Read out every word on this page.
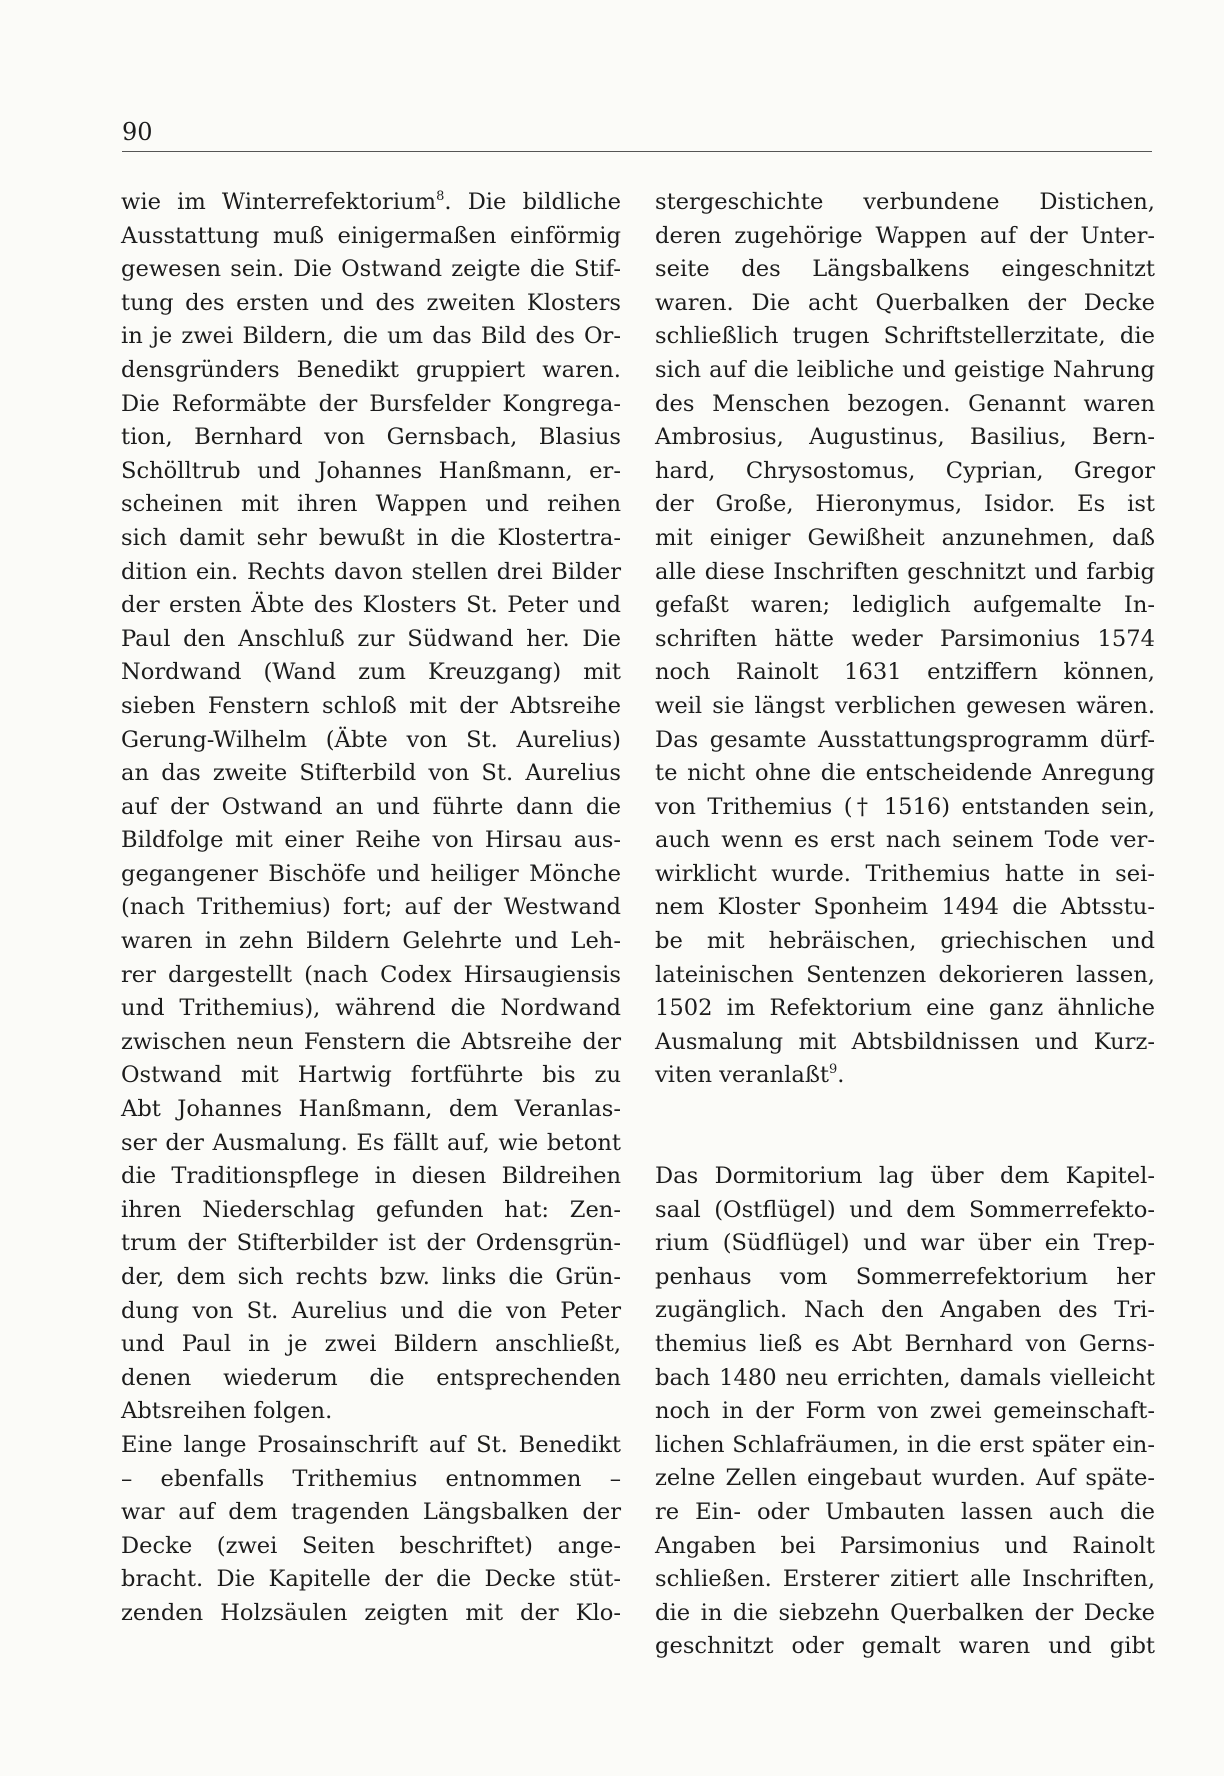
90
wie im Winterrefektorium$^8$. Die bildliche
Ausstattung muß einigermaßen einförmig
gewesen sein. Die Ostwand zeigte die Stif-
tung des ersten und des zweiten Klosters
in je zwei Bildern, die um das Bild des Or-
densgründers Benedikt gruppiert waren.
Die Reformäbte der Bursfelder Kongrega-
tion, Bernhard von Gernsbach, Blasius
Schölltrub und Johannes Hanßmann, er-
scheinen mit ihren Wappen und reihen
sich damit sehr bewußt in die Klostertra-
dition ein. Rechts davon stellen drei Bilder
der ersten Äbte des Klosters St. Peter und
Paul den Anschluß zur Südwand her. Die
Nordwand (Wand zum Kreuzgang) mit
sieben Fenstern schloß mit der Abtsreihe
Gerung-Wilhelm (Äbte von St. Aurelius)
an das zweite Stifterbild von St. Aurelius
auf der Ostwand an und führte dann die
Bildfolge mit einer Reihe von Hirsau aus-
gegangener Bischöfe und heiliger Mönche
(nach Trithemius) fort; auf der Westwand
waren in zehn Bildern Gelehrte und Leh-
rer dargestellt (nach Codex Hirsaugiensis
und Trithemius), während die Nordwand
zwischen neun Fenstern die Abtsreihe der
Ostwand mit Hartwig fortführte bis zu
Abt Johannes Hanßmann, dem Veranlas-
ser der Ausmalung. Es fällt auf, wie betont
die Traditionspflege in diesen Bildreihen
ihren Niederschlag gefunden hat: Zen-
trum der Stifterbilder ist der Ordensgrün-
der, dem sich rechts bzw. links die Grün-
dung von St. Aurelius und die von Peter
und Paul in je zwei Bildern anschließt,
denen wiederum die entsprechenden
Abtsreihen folgen.
Eine lange Prosainschrift auf St. Benedikt
– ebenfalls Trithemius entnommen –
war auf dem tragenden Längsbalken der
Decke (zwei Seiten beschriftet) ange-
bracht. Die Kapitelle der die Decke stüt-
zenden Holzsäulen zeigten mit der Klo-
stergeschichte verbundene Distichen,
deren zugehörige Wappen auf der Unter-
seite des Längsbalkens eingeschnitzt
waren. Die acht Querbalken der Decke
schließlich trugen Schriftstellerzitate, die
sich auf die leibliche und geistige Nahrung
des Menschen bezogen. Genannt waren
Ambrosius, Augustinus, Basilius, Bern-
hard, Chrysostomus, Cyprian, Gregor
der Große, Hieronymus, Isidor. Es ist
mit einiger Gewißheit anzunehmen, daß
alle diese Inschriften geschnitzt und farbig
gefaßt waren; lediglich aufgemalte In-
schriften hätte weder Parsimonius 1574
noch Rainolt 1631 entziffern können,
weil sie längst verblichen gewesen wären.
Das gesamte Ausstattungsprogramm dürf-
te nicht ohne die entscheidende Anregung
von Trithemius († 1516) entstanden sein,
auch wenn es erst nach seinem Tode ver-
wirklicht wurde. Trithemius hatte in sei-
nem Kloster Sponheim 1494 die Abtsstu-
be mit hebräischen, griechischen und
lateinischen Sentenzen dekorieren lassen,
1502 im Refektorium eine ganz ähnliche
Ausmalung mit Abtsbildnissen und Kurz-
viten veranlaßt$^9$.
Das Dormitorium lag über dem Kapitel-
saal (Ostflügel) und dem Sommerrefekto-
rium (Südflügel) und war über ein Trep-
penhaus vom Sommerrefektorium her
zugänglich. Nach den Angaben des Tri-
themius ließ es Abt Bernhard von Gerns-
bach 1480 neu errichten, damals vielleicht
noch in der Form von zwei gemeinschaft-
lichen Schlafräumen, in die erst später ein-
zelne Zellen eingebaut wurden. Auf späte-
re Ein- oder Umbauten lassen auch die
Angaben bei Parsimonius und Rainolt
schließen. Ersterer zitiert alle Inschriften,
die in die siebzehn Querbalken der Decke
geschnitzt oder gemalt waren und gibt
